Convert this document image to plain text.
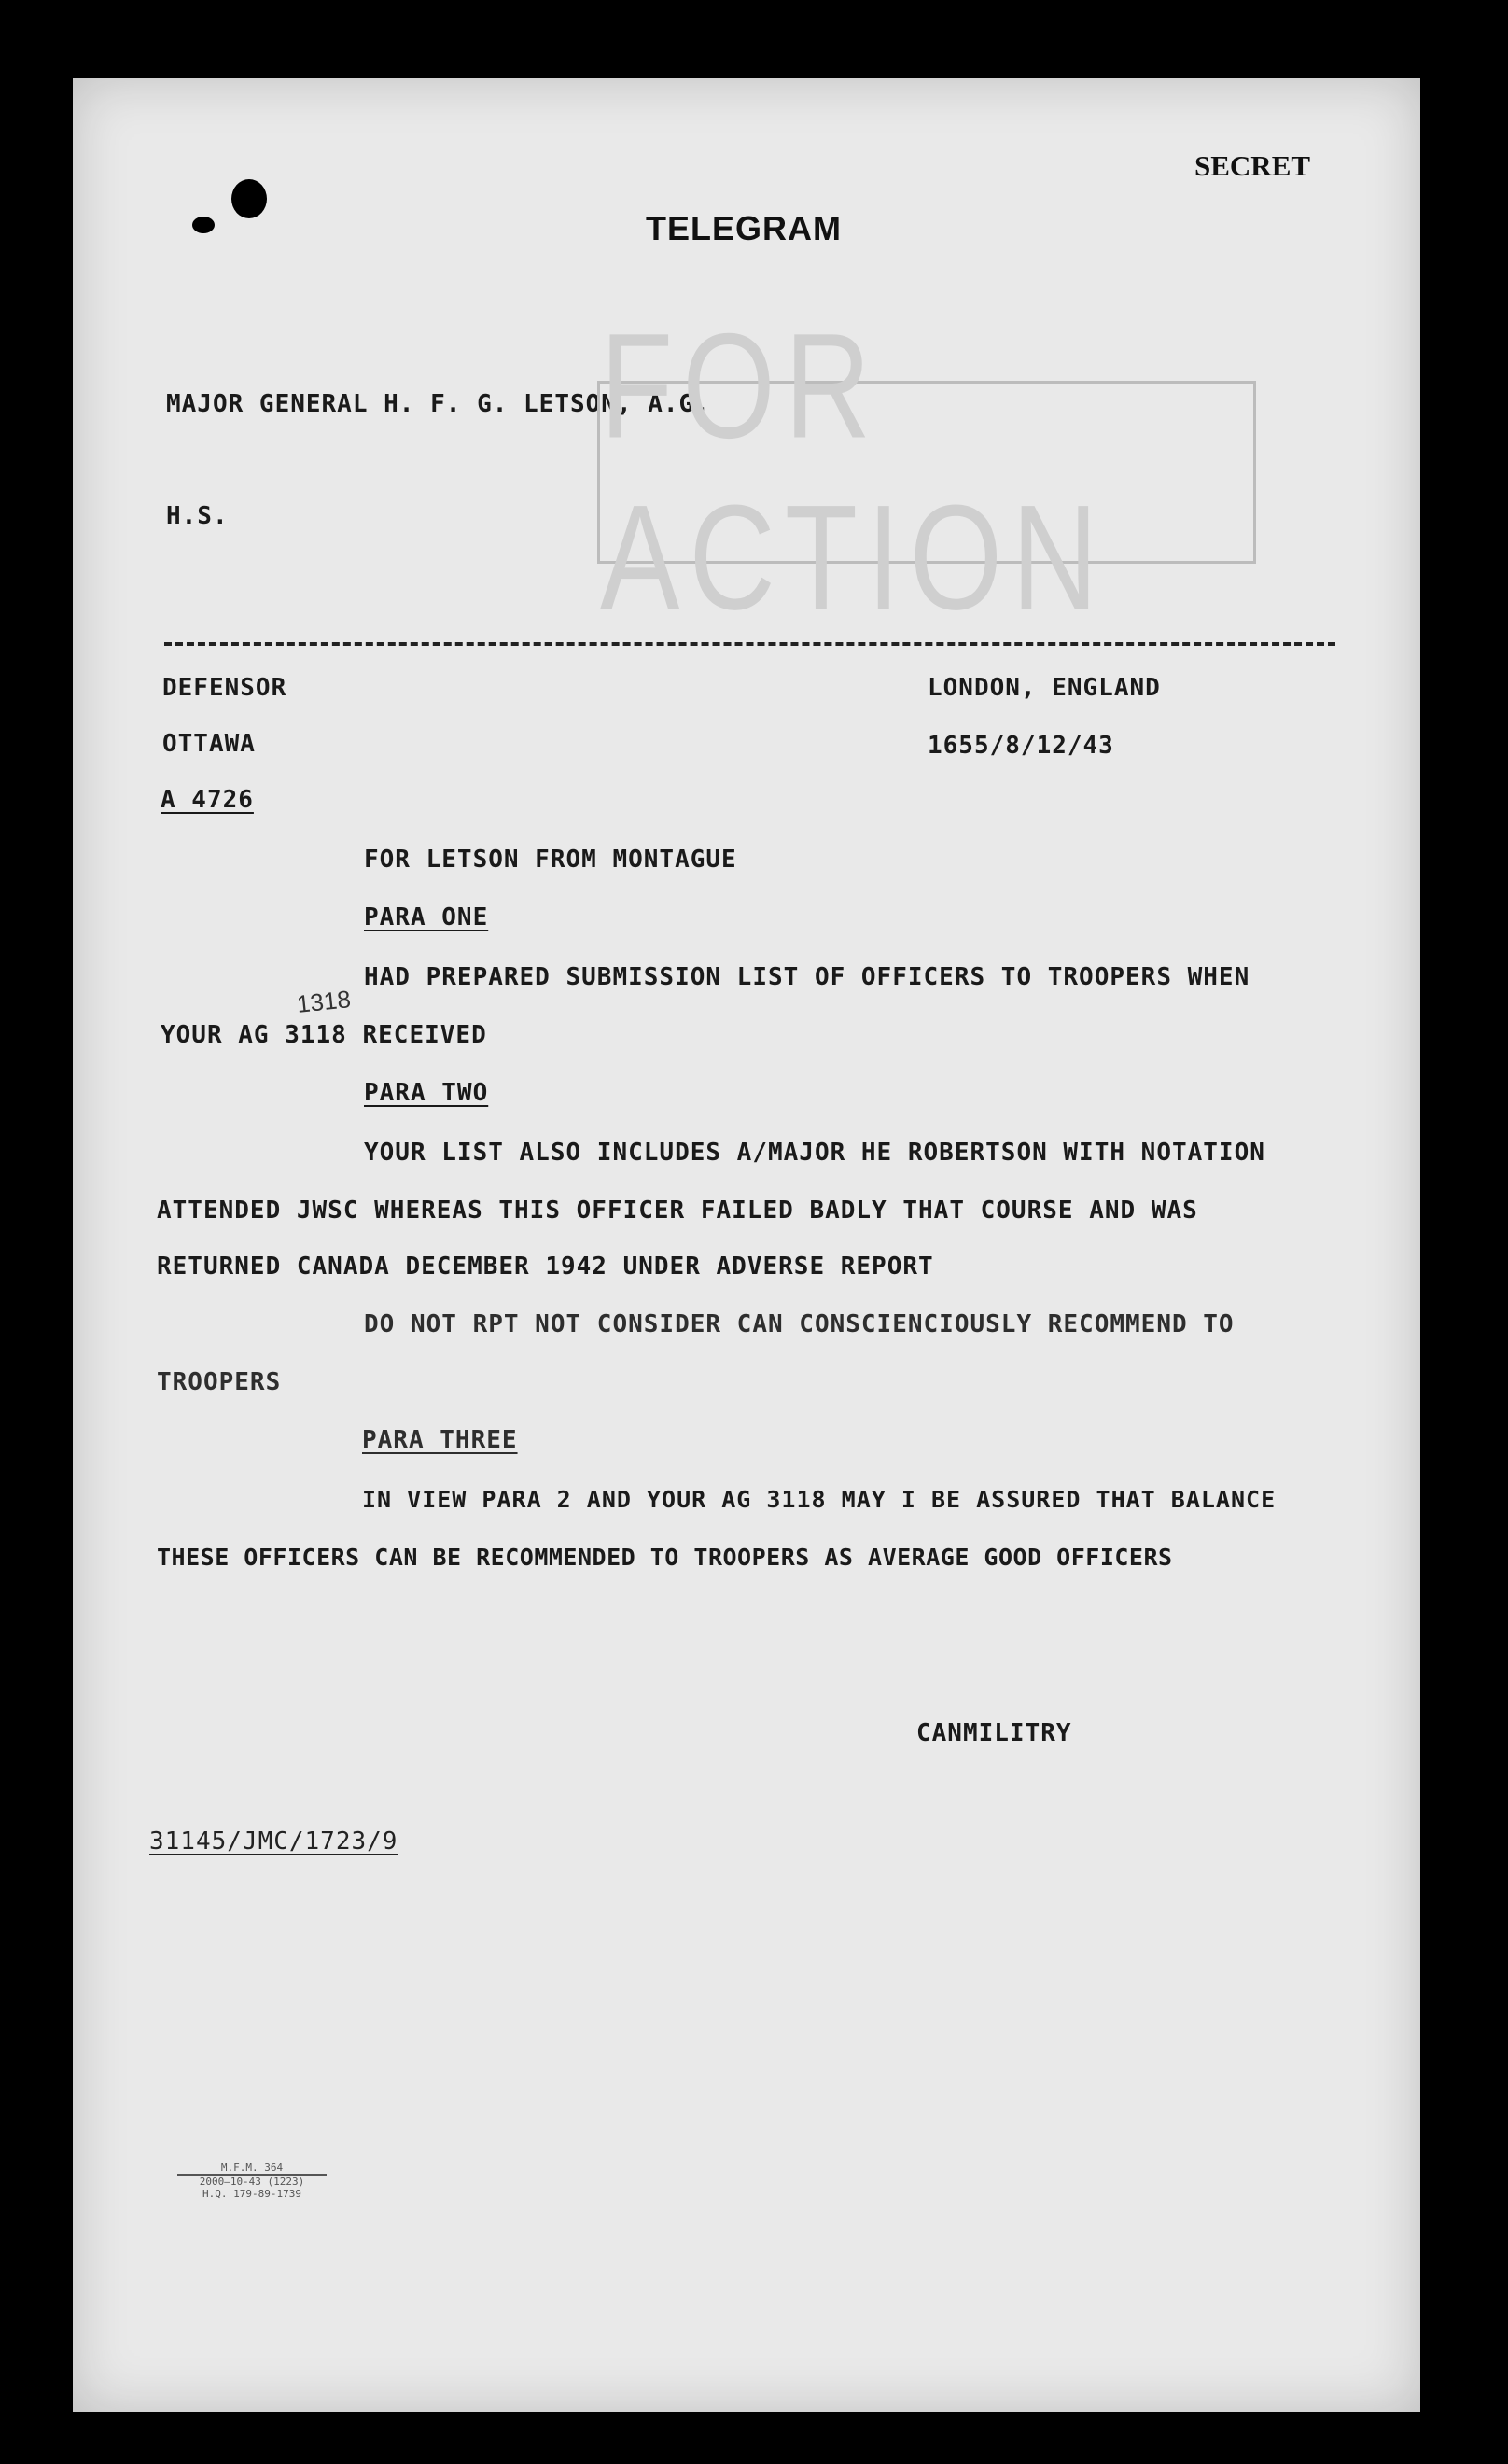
SECRET
TELEGRAM
MAJOR GENERAL H. F. G. LETSON, A.G.
FOR ACTION
H.S.
DEFENSOR
OTTAWA
A 4726
LONDON, ENGLAND
1655/8/12/43
FOR LETSON FROM MONTAGUE
PARA ONE
1318
HAD PREPARED SUBMISSION LIST OF OFFICERS TO TROOPERS WHEN
YOUR AG 3118 RECEIVED
PARA TWO
YOUR LIST ALSO INCLUDES A/MAJOR HE ROBERTSON WITH NOTATION
ATTENDED JWSC WHEREAS THIS OFFICER FAILED BADLY THAT COURSE AND WAS
RETURNED CANADA DECEMBER 1942 UNDER ADVERSE REPORT
DO NOT RPT NOT CONSIDER CAN CONSCIENCIOUSLY RECOMMEND TO
TROOPERS
PARA THREE
IN VIEW PARA 2 AND YOUR AG 3118 MAY I BE ASSURED THAT BALANCE
THESE OFFICERS CAN BE RECOMMENDED TO TROOPERS AS AVERAGE GOOD OFFICERS
CANMILITRY
31145/JMC/1723/9
M.F.M. 364
2000—10-43 (1223)
H.Q. 179-89-1739
